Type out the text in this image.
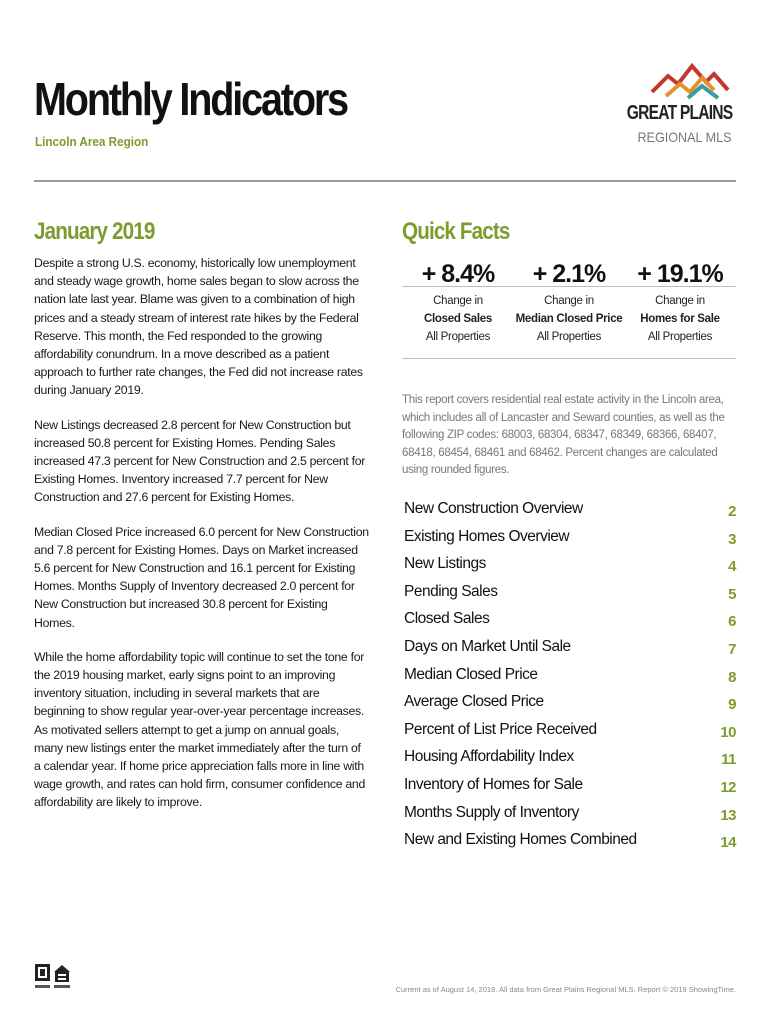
Monthly Indicators
Lincoln Area Region
GREAT PLAINS
REGIONAL MLS
January 2019	Quick Facts

Despite a strong U.S. economy, historically low unemployment and steady wage growth, home sales began to slow across the nation late last year. Blame was given to a combination of high prices and a steady stream of interest rate hikes by the Federal Reserve. This month, the Fed responded to the growing affordability conundrum. In a move described as a patient approach to further rate changes, the Fed did not increase rates during January 2019.

New Listings decreased 2.8 percent for New Construction but increased 50.8 percent for Existing Homes. Pending Sales increased 47.3 percent for New Construction and 2.5 percent for Existing Homes. Inventory increased 7.7 percent for New Construction and 27.6 percent for Existing Homes.

Median Closed Price increased 6.0 percent for New Construction and 7.8 percent for Existing Homes. Days on Market increased 5.6 percent for New Construction and 16.1 percent for Existing Homes. Months Supply of Inventory decreased 2.0 percent for New Construction but increased 30.8 percent for Existing Homes.

While the home affordability topic will continue to set the tone for the 2019 housing market, early signs point to an improving inventory situation, including in several markets that are beginning to show regular year-over-year percentage increases. As motivated sellers attempt to get a jump on annual goals, many new listings enter the market immediately after the turn of a calendar year. If home price appreciation falls more in line with wage growth, and rates can hold firm, consumer confidence and affordability are likely to improve.

+ 8.4%
Change in
Closed Sales
All Properties
+ 2.1%
Change in
Median Closed Price
All Properties
+ 19.1%
Change in
Homes for Sale
All Properties

This report covers residential real estate activity in the Lincoln area, which includes all of Lancaster and Seward counties, as well as the following ZIP codes: 68003, 68304, 68347, 68349, 68366, 68407, 68418, 68454, 68461 and 68462. Percent changes are calculated using rounded figures.

New Construction Overview	2
Existing Homes Overview	3
New Listings	4
Pending Sales	5
Closed Sales	6
Days on Market Until Sale	7
Median Closed Price	8
Average Closed Price	9
Percent of List Price Received	10
Housing Affordability Index	11
Inventory of Homes for Sale	12
Months Supply of Inventory	13
New and Existing Homes Combined	14
Current as of August 14, 2019. All data from Great Plains Regional MLS. Report © 2019 ShowingTime.
